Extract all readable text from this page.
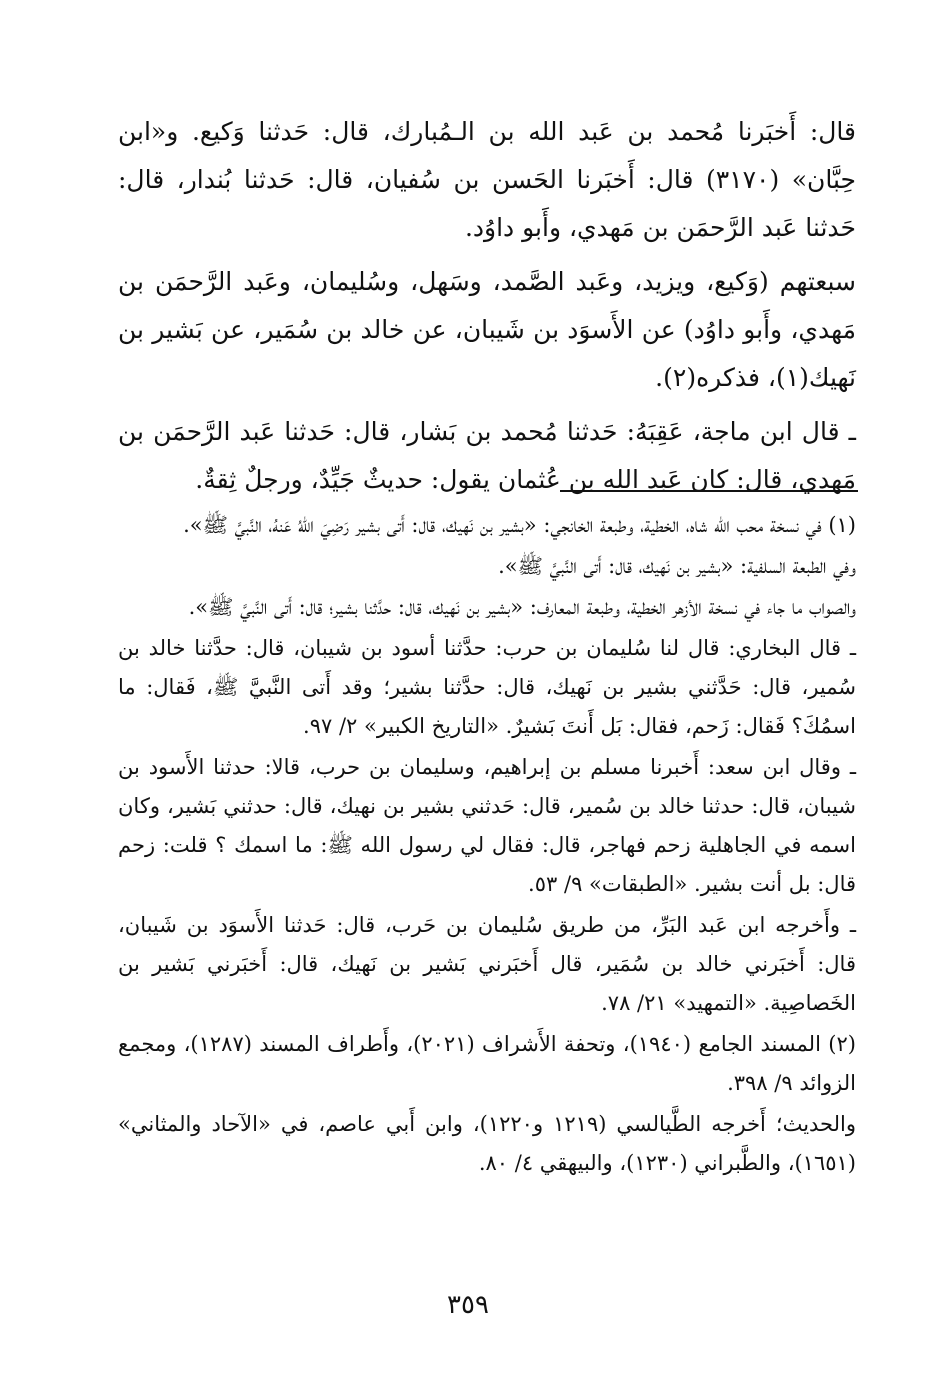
قال: أَخبَرنا مُحمد بن عَبد الله بن الـمُبارك، قال: حَدثنا وَكيع. و«ابن حِبَّان» (٣١٧٠) قال: أَخبَرنا الحَسن بن سُفيان، قال: حَدثنا بُندار، قال: حَدثنا عَبد الرَّحمَن بن مَهدي، وأَبو داوُد.

سبعتهم (وَكيع، ويزيد، وعَبد الصَّمد، وسَهل، وسُليمان، وعَبد الرَّحمَن بن مَهدي، وأَبو داوُد) عن الأَسوَد بن شَيبان، عن خالد بن سُمَير، عن بَشير بن نَهيك(١)، فذكره(٢).

ـ قال ابن ماجة، عَقِبَهُ: حَدثنا مُحمد بن بَشار، قال: حَدثنا عَبد الرَّحمَن بن مَهدي، قال: كان عَبد الله بن عُثمان يقول: حديثٌ جَيِّدٌ، ورجلٌ ثِقةٌ.

(١) في نسخة محب الله شاه، الخطية، وطبعة الخانجي: «بشير بن نَهيك، قال: أَتى بشير رَضِيَ اللهُ عَنهُ، النَّبيَّ ﷺ».

وفي الطبعة السلفية: «بشير بن نَهيك، قال: أَتى النَّبيَّ ﷺ».

والصواب ما جاء في نسخة الأزهر الخطية، وطبعة المعارف: «بشير بن نَهيك، قال: حدَّثنا بشير؛ قال: أَتى النَّبيَّ ﷺ».

ـ قال البخاري: قال لنا سُليمان بن حرب: حدَّثنا أسود بن شيبان، قال: حدَّثنا خالد بن سُمير، قال: حَدَّثني بشير بن نَهيك، قال: حدَّثنا بشير؛ وقد أَتى النَّبيَّ ﷺ، فَقال: ما اسمُكَ؟ فَقال: زَحم، فقال: بَل أَنتَ بَشيرٌ. «التاريخ الكبير» ٢/ ٩٧.

ـ وقال ابن سعد: أَخبرنا مسلم بن إبراهيم، وسليمان بن حرب، قالا: حدثنا الأَسود بن شيبان، قال: حدثنا خالد بن سُمير، قال: حَدثني بشير بن نهيك، قال: حدثني بَشير، وكان اسمه في الجاهلية زحم فهاجر، قال: فقال لي رسول الله ﷺ: ما اسمك ؟ قلت: زحم قال: بل أنت بشير. «الطبقات» ٩/ ٥٣.

ـ وأَخرجه ابن عَبد البَرِّ، من طريق سُليمان بن حَرب، قال: حَدثنا الأَسوَد بن شَيبان، قال: أَخبَرني خالد بن سُمَير، قال أَخبَرني بَشير بن نَهيك، قال: أَخبَرني بَشير بن الخَصاصِية. «التمهيد» ٢١/ ٧٨.

(٢) المسند الجامع (١٩٤٠)، وتحفة الأَشراف (٢٠٢١)، وأَطراف المسند (١٢٨٧)، ومجمع الزوائد ٩/ ٣٩٨.

والحديث؛ أَخرجه الطَّيالسي (١٢١٩ و١٢٢٠)، وابن أَبي عاصم، في «الآحاد والمثاني» (١٦٥١)، والطَّبراني (١٢٣٠)، والبيهقي ٤/ ٨٠.

٣٥٩
